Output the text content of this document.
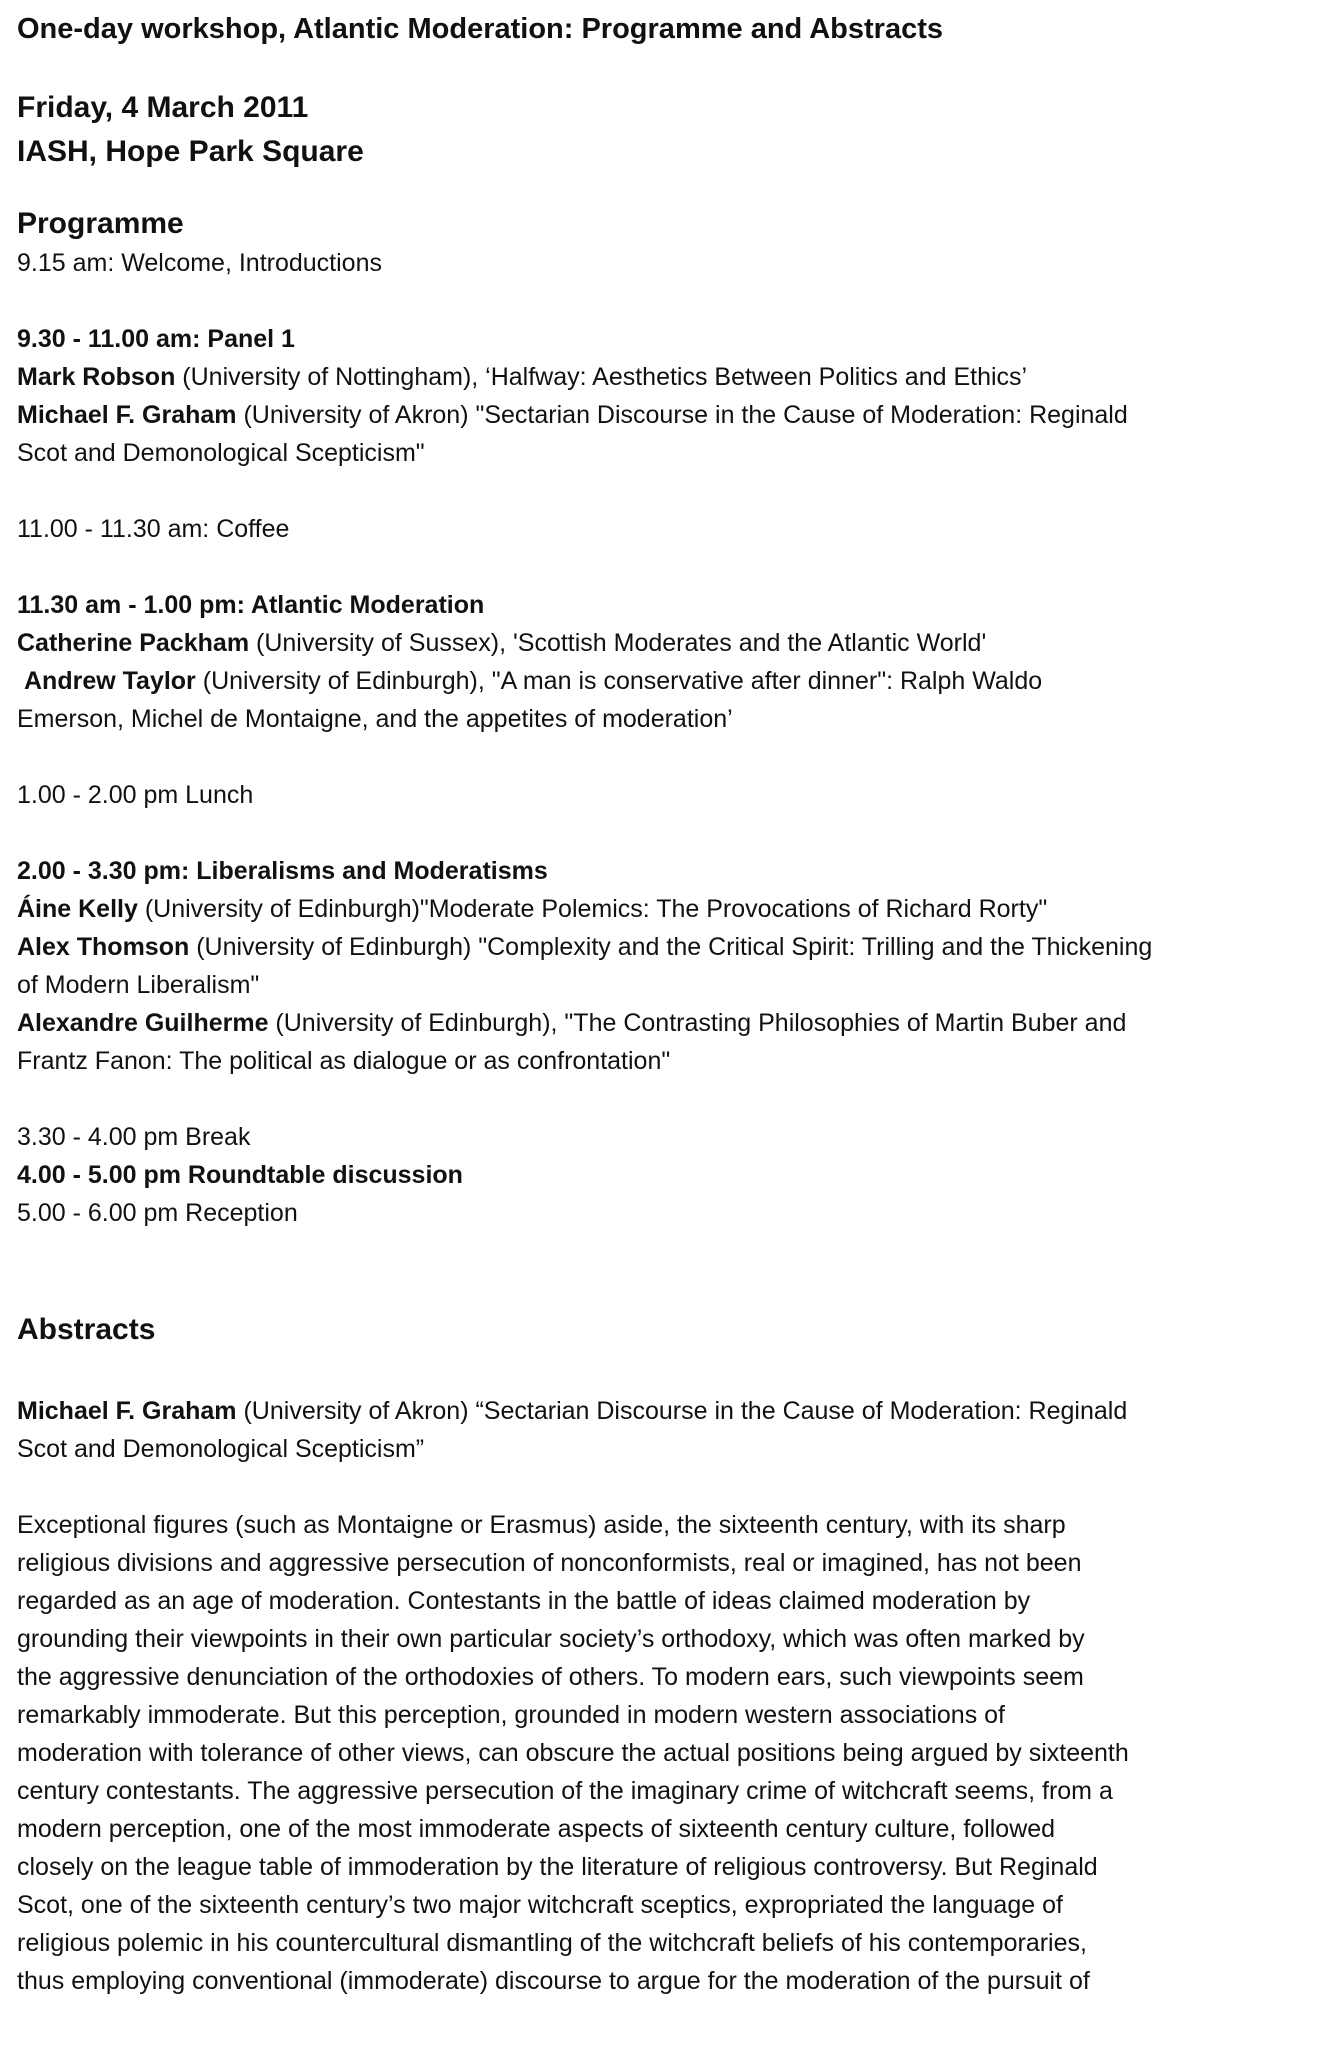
One-day workshop, Atlantic Moderation: Programme and Abstracts
Friday, 4 March 2011
IASH, Hope Park Square
Programme
9.15 am: Welcome, Introductions
9.30 - 11.00 am: Panel 1
Mark Robson (University of Nottingham), ‘Halfway: Aesthetics Between Politics and Ethics’
Michael F. Graham (University of Akron) "Sectarian Discourse in the Cause of Moderation: Reginald
Scot and Demonological Scepticism"
11.00 - 11.30 am: Coffee
11.30 am - 1.00 pm: Atlantic Moderation
Catherine Packham (University of Sussex), 'Scottish Moderates and the Atlantic World'
Andrew Taylor (University of Edinburgh), "A man is conservative after dinner": Ralph Waldo
Emerson, Michel de Montaigne, and the appetites of moderation’
1.00 - 2.00 pm Lunch
2.00 - 3.30 pm: Liberalisms and Moderatisms
Áine Kelly (University of Edinburgh)"Moderate Polemics: The Provocations of Richard Rorty"
Alex Thomson (University of Edinburgh) "Complexity and the Critical Spirit: Trilling and the Thickening
of Modern Liberalism"
Alexandre Guilherme (University of Edinburgh), "The Contrasting Philosophies of Martin Buber and
Frantz Fanon: The political as dialogue or as confrontation"
3.30 - 4.00 pm Break
4.00 - 5.00 pm Roundtable discussion
5.00 - 6.00 pm Reception
Abstracts
Michael F. Graham (University of Akron) “Sectarian Discourse in the Cause of Moderation: Reginald
Scot and Demonological Scepticism”
Exceptional figures (such as Montaigne or Erasmus) aside, the sixteenth century, with its sharp
religious divisions and aggressive persecution of nonconformists, real or imagined, has not been
regarded as an age of moderation. Contestants in the battle of ideas claimed moderation by
grounding their viewpoints in their own particular society’s orthodoxy, which was often marked by
the aggressive denunciation of the orthodoxies of others. To modern ears, such viewpoints seem
remarkably immoderate. But this perception, grounded in modern western associations of
moderation with tolerance of other views, can obscure the actual positions being argued by sixteenth
century contestants. The aggressive persecution of the imaginary crime of witchcraft seems, from a
modern perception, one of the most immoderate aspects of sixteenth century culture, followed
closely on the league table of immoderation by the literature of religious controversy. But Reginald
Scot, one of the sixteenth century’s two major witchcraft sceptics, expropriated the language of
religious polemic in his countercultural dismantling of the witchcraft beliefs of his contemporaries,
thus employing conventional (immoderate) discourse to argue for the moderation of the pursuit of
